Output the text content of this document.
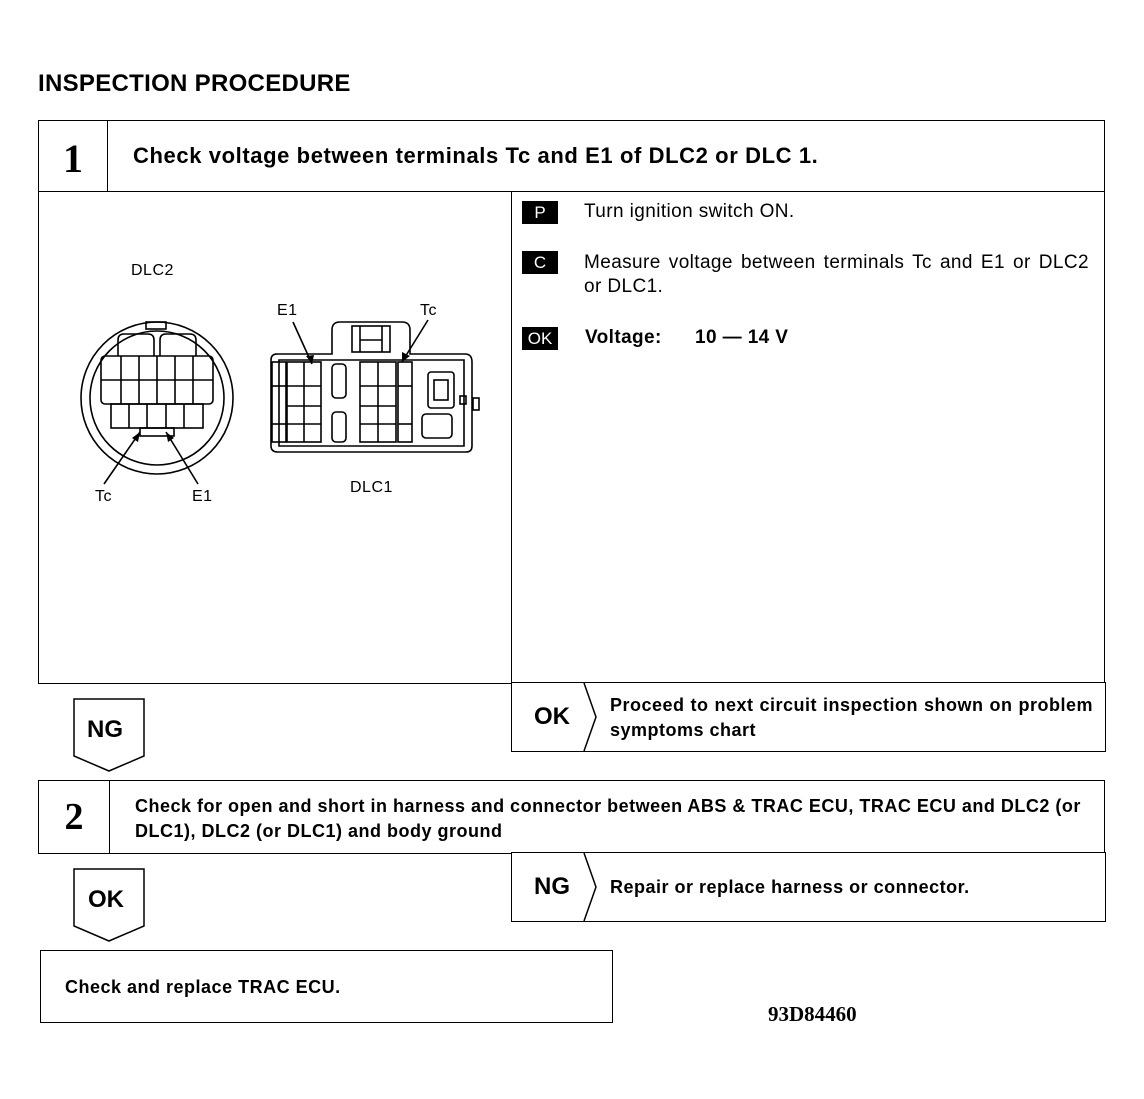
INSPECTION PROCEDURE
1	Check voltage between terminals Tc and E1 of DLC2 or DLC 1.
DLC2
Tc	E1
E1	Tc
DLC1
P	Turn ignition switch ON.
C	Measure voltage between terminals Tc and E1 or DLC2 or DLC1.
OK	Voltage: 10 — 14 V
OK Proceed to next circuit inspection shown on problem symptoms chart
NG
2	Check for open and short in harness and connector between ABS & TRAC ECU, TRAC ECU and DLC2 (or DLC1), DLC2 (or DLC1) and body ground
NG Repair or replace harness or connector.
OK
Check and replace TRAC ECU.
93D84460
